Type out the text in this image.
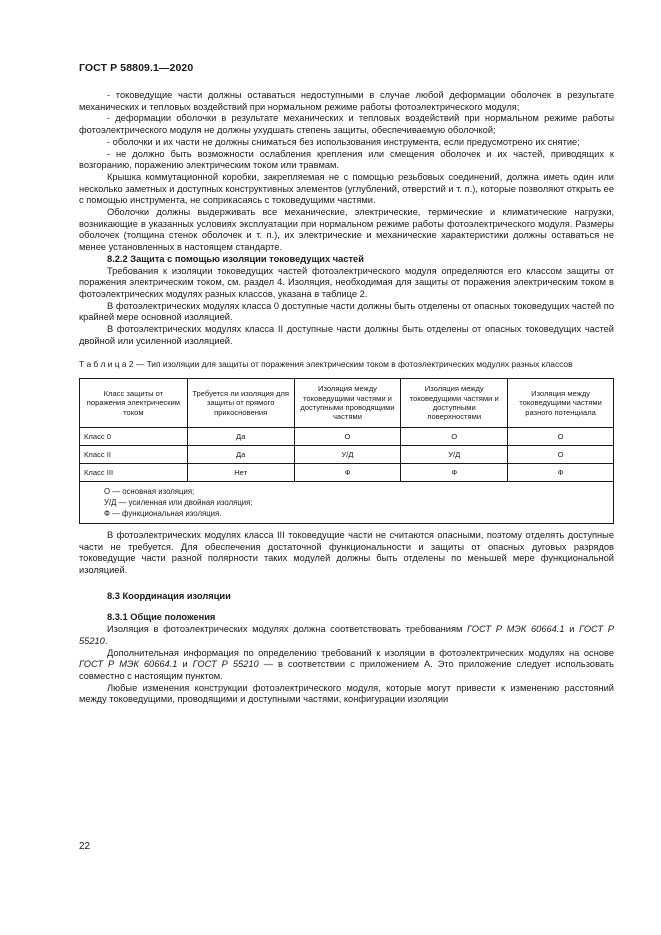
ГОСТ Р 58809.1—2020

- токоведущие части должны оставаться недоступными в случае любой деформации оболочек в результате механических и тепловых воздействий при нормальном режиме работы фотоэлектрического модуля;

- деформации оболочки в результате механических и тепловых воздействий при нормальном режиме работы фотоэлектрического модуля не должны ухудшать степень защиты, обеспечиваемую оболочкой;

- оболочки и их части не должны сниматься без использования инструмента, если предусмотрено их снятие;

- не должно быть возможности ослабления крепления или смещения оболочек и их частей, приводящих к возгоранию, поражению электрическим током или травмам.

Крышка коммутационной коробки, закрепляемая не с помощью резьбовых соединений, должна иметь один или несколько заметных и доступных конструктивных элементов (углублений, отверстий и т. п.), которые позволяют открыть ее с помощью инструмента, не соприкасаясь с токоведущими частями.

Оболочки должны выдерживать все механические, электрические, термические и климатические нагрузки, возникающие в указанных условиях эксплуатации при нормальном режиме работы фотоэлектрического модуля. Размеры оболочек (толщина стенок оболочек и т. п.), их электрические и механические характеристики должны оставаться не менее установленных в настоящем стандарте.

8.2.2 Защита с помощью изоляции токоведущих частей

Требования к изоляции токоведущих частей фотоэлектрического модуля определяются его классом защиты от поражения электрическим током, см. раздел 4. Изоляция, необходимая для защиты от поражения электрическим током в фотоэлектрических модулях разных классов, указана в таблице 2.

В фотоэлектрических модулях класса 0 доступные части должны быть отделены от опасных токоведущих частей по крайней мере основной изоляцией.

В фотоэлектрических модулях класса II доступные части должны быть отделены от опасных токоведущих частей двойной или усиленной изоляцией.

Т а б л и ц а 2 — Тип изоляции для защиты от поражения электрическим током в фотоэлектрических модулях разных классов

Класс защиты от поражения электрическим током	Требуется ли изоляция для защиты от прямого прикосновения	Изоляция между токоведущими частями и доступными проводящими частями	Изоляция между токоведущими частями и доступными поверхностями	Изоляция между токоведущими частями разного потенциала
Класс 0	Да	О	О	О
Класс II	Да	У/Д	У/Д	О
Класс III	Нет	Ф	Ф	Ф

О — основная изоляция;
У/Д — усиленная или двойная изоляция;
Ф — функциональная изоляция.				

В фотоэлектрических модулях класса III токоведущие части не считаются опасными, поэтому отделять доступные части не требуется. Для обеспечения достаточной функциональности и защиты от опасных дуговых разрядов токоведущие части разной полярности таких модулей должны быть отделены по меньшей мере функциональной изоляцией.

8.3 Координация изоляции

8.3.1 Общие положения

Изоляция в фотоэлектрических модулях должна соответствовать требованиям ГОСТ Р МЭК 60664.1 и ГОСТ Р 55210.

Дополнительная информация по определению требований к изоляции в фотоэлектрических модулях на основе ГОСТ Р МЭК 60664.1 и ГОСТ Р 55210 — в соответствии с приложением А. Это приложение следует использовать совместно с настоящим пунктом.

Любые изменения конструкции фотоэлектрического модуля, которые могут привести к изменению расстояний между токоведущими, проводящими и доступными частями, конфигурации изоляции

22
